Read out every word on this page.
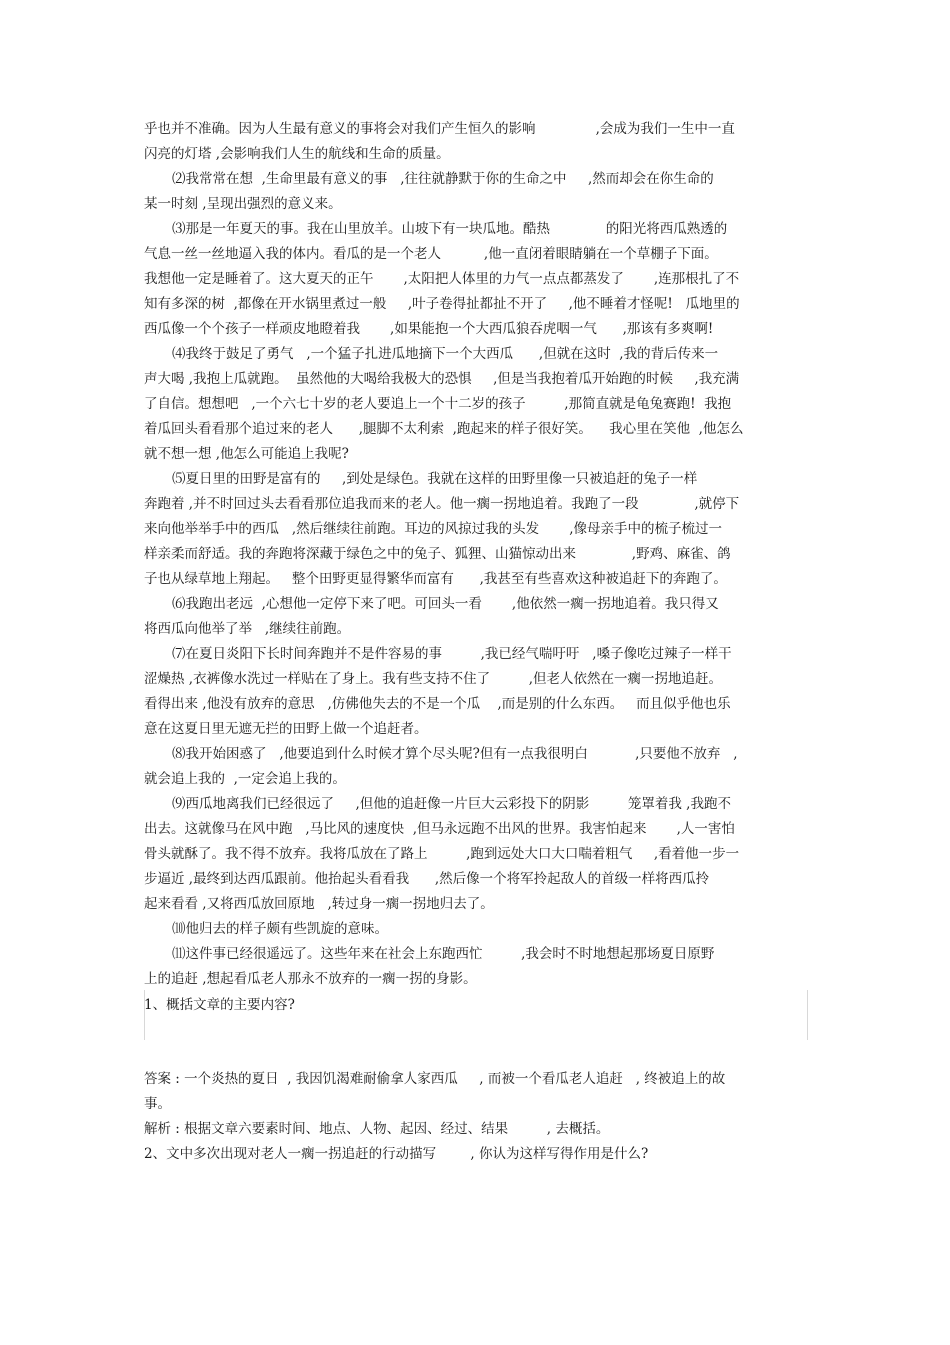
乎也并不准确。因为人生最有意义的事将会对我们产生恒久的影响              ,会成为我们一生中一直
闪亮的灯塔 ,会影响我们人生的航线和生命的质量。
⑵我常常在想  ,生命里最有意义的事   ,往往就静默于你的生命之中     ,然而却会在你生命的
某一时刻 ,呈现出强烈的意义来。
⑶那是一年夏天的事。我在山里放羊。山坡下有一块瓜地。酷热             的阳光将西瓜熟透的
气息一丝一丝地逼入我的体内。看瓜的是一个老人          ,他一直闭着眼睛躺在一个草棚子下面。
我想他一定是睡着了。这大夏天的正午       ,太阳把人体里的力气一点点都蒸发了       ,连那根扎了不
知有多深的树  ,都像在开水锅里煮过一般     ,叶子卷得扯都扯不开了     ,他不睡着才怪呢!   瓜地里的
西瓜像一个个孩子一样顽皮地瞪着我       ,如果能抱一个大西瓜狼吞虎咽一气      ,那该有多爽啊!
⑷我终于鼓足了勇气   ,一个猛子扎进瓜地摘下一个大西瓜      ,但就在这时  ,我的背后传来一
声大喝 ,我抱上瓜就跑。  虽然他的大喝给我极大的恐惧     ,但是当我抱着瓜开始跑的时候     ,我充满
了自信。想想吧   ,一个六七十岁的老人要追上一个十二岁的孩子         ,那简直就是龟兔赛跑!  我抱
着瓜回头看看那个追过来的老人      ,腿脚不太利索  ,跑起来的样子很好笑。    我心里在笑他  ,他怎么
就不想一想 ,他怎么可能追上我呢?
⑸夏日里的田野是富有的     ,到处是绿色。我就在这样的田野里像一只被追赶的兔子一样
奔跑着 ,并不时回过头去看看那位追我而来的老人。他一瘸一拐地追着。我跑了一段             ,就停下
来向他举举手中的西瓜   ,然后继续往前跑。耳边的风掠过我的头发       ,像母亲手中的梳子梳过一
样亲柔而舒适。我的奔跑将深藏于绿色之中的兔子、狐狸、山猫惊动出来             ,野鸡、麻雀、鸽
子也从绿草地上翔起。   整个田野更显得繁华而富有      ,我甚至有些喜欢这种被追赶下的奔跑了。
⑹我跑出老远  ,心想他一定停下来了吧。可回头一看       ,他依然一瘸一拐地追着。我只得又
将西瓜向他举了举   ,继续往前跑。
⑺在夏日炎阳下长时间奔跑并不是件容易的事         ,我已经气喘吁吁   ,嗓子像吃过辣子一样干
涩燥热 ,衣裤像水洗过一样贴在了身上。我有些支持不住了         ,但老人依然在一瘸一拐地追赶。
看得出来 ,他没有放弃的意思   ,仿佛他失去的不是一个瓜    ,而是别的什么东西。   而且似乎他也乐
意在这夏日里无遮无拦的田野上做一个追赶者。
⑻我开始困惑了   ,他要追到什么时候才算个尽头呢?但有一点我很明白           ,只要他不放弃   ,
就会追上我的  ,一定会追上我的。
⑼西瓜地离我们已经很远了     ,但他的追赶像一片巨大云彩投下的阴影         笼罩着我 ,我跑不
出去。这就像马在风中跑   ,马比风的速度快  ,但马永远跑不出风的世界。我害怕起来       ,人一害怕
骨头就酥了。我不得不放弃。我将瓜放在了路上         ,跑到远处大口大口喘着粗气     ,看着他一步一
步逼近 ,最终到达西瓜跟前。他抬起头看看我      ,然后像一个将军拎起敌人的首级一样将西瓜拎
起来看看 ,又将西瓜放回原地   ,转过身一瘸一拐地归去了。
⑽他归去的样子颇有些凯旋的意味。
⑾这件事已经很遥远了。这些年来在社会上东跑西忙         ,我会时不时地想起那场夏日原野
上的追赶 ,想起看瓜老人那永不放弃的一瘸一拐的身影。
1、概括文章的主要内容?
答案 : 一个炎热的夏日  , 我因饥渴难耐偷拿人家西瓜     , 而被一个看瓜老人追赶   , 终被追上的故
事。
解析 : 根据文章六要素时间、地点、人物、起因、经过、结果         , 去概括。
2、文中多次出现对老人一瘸一拐追赶的行动描写        , 你认为这样写得作用是什么?
